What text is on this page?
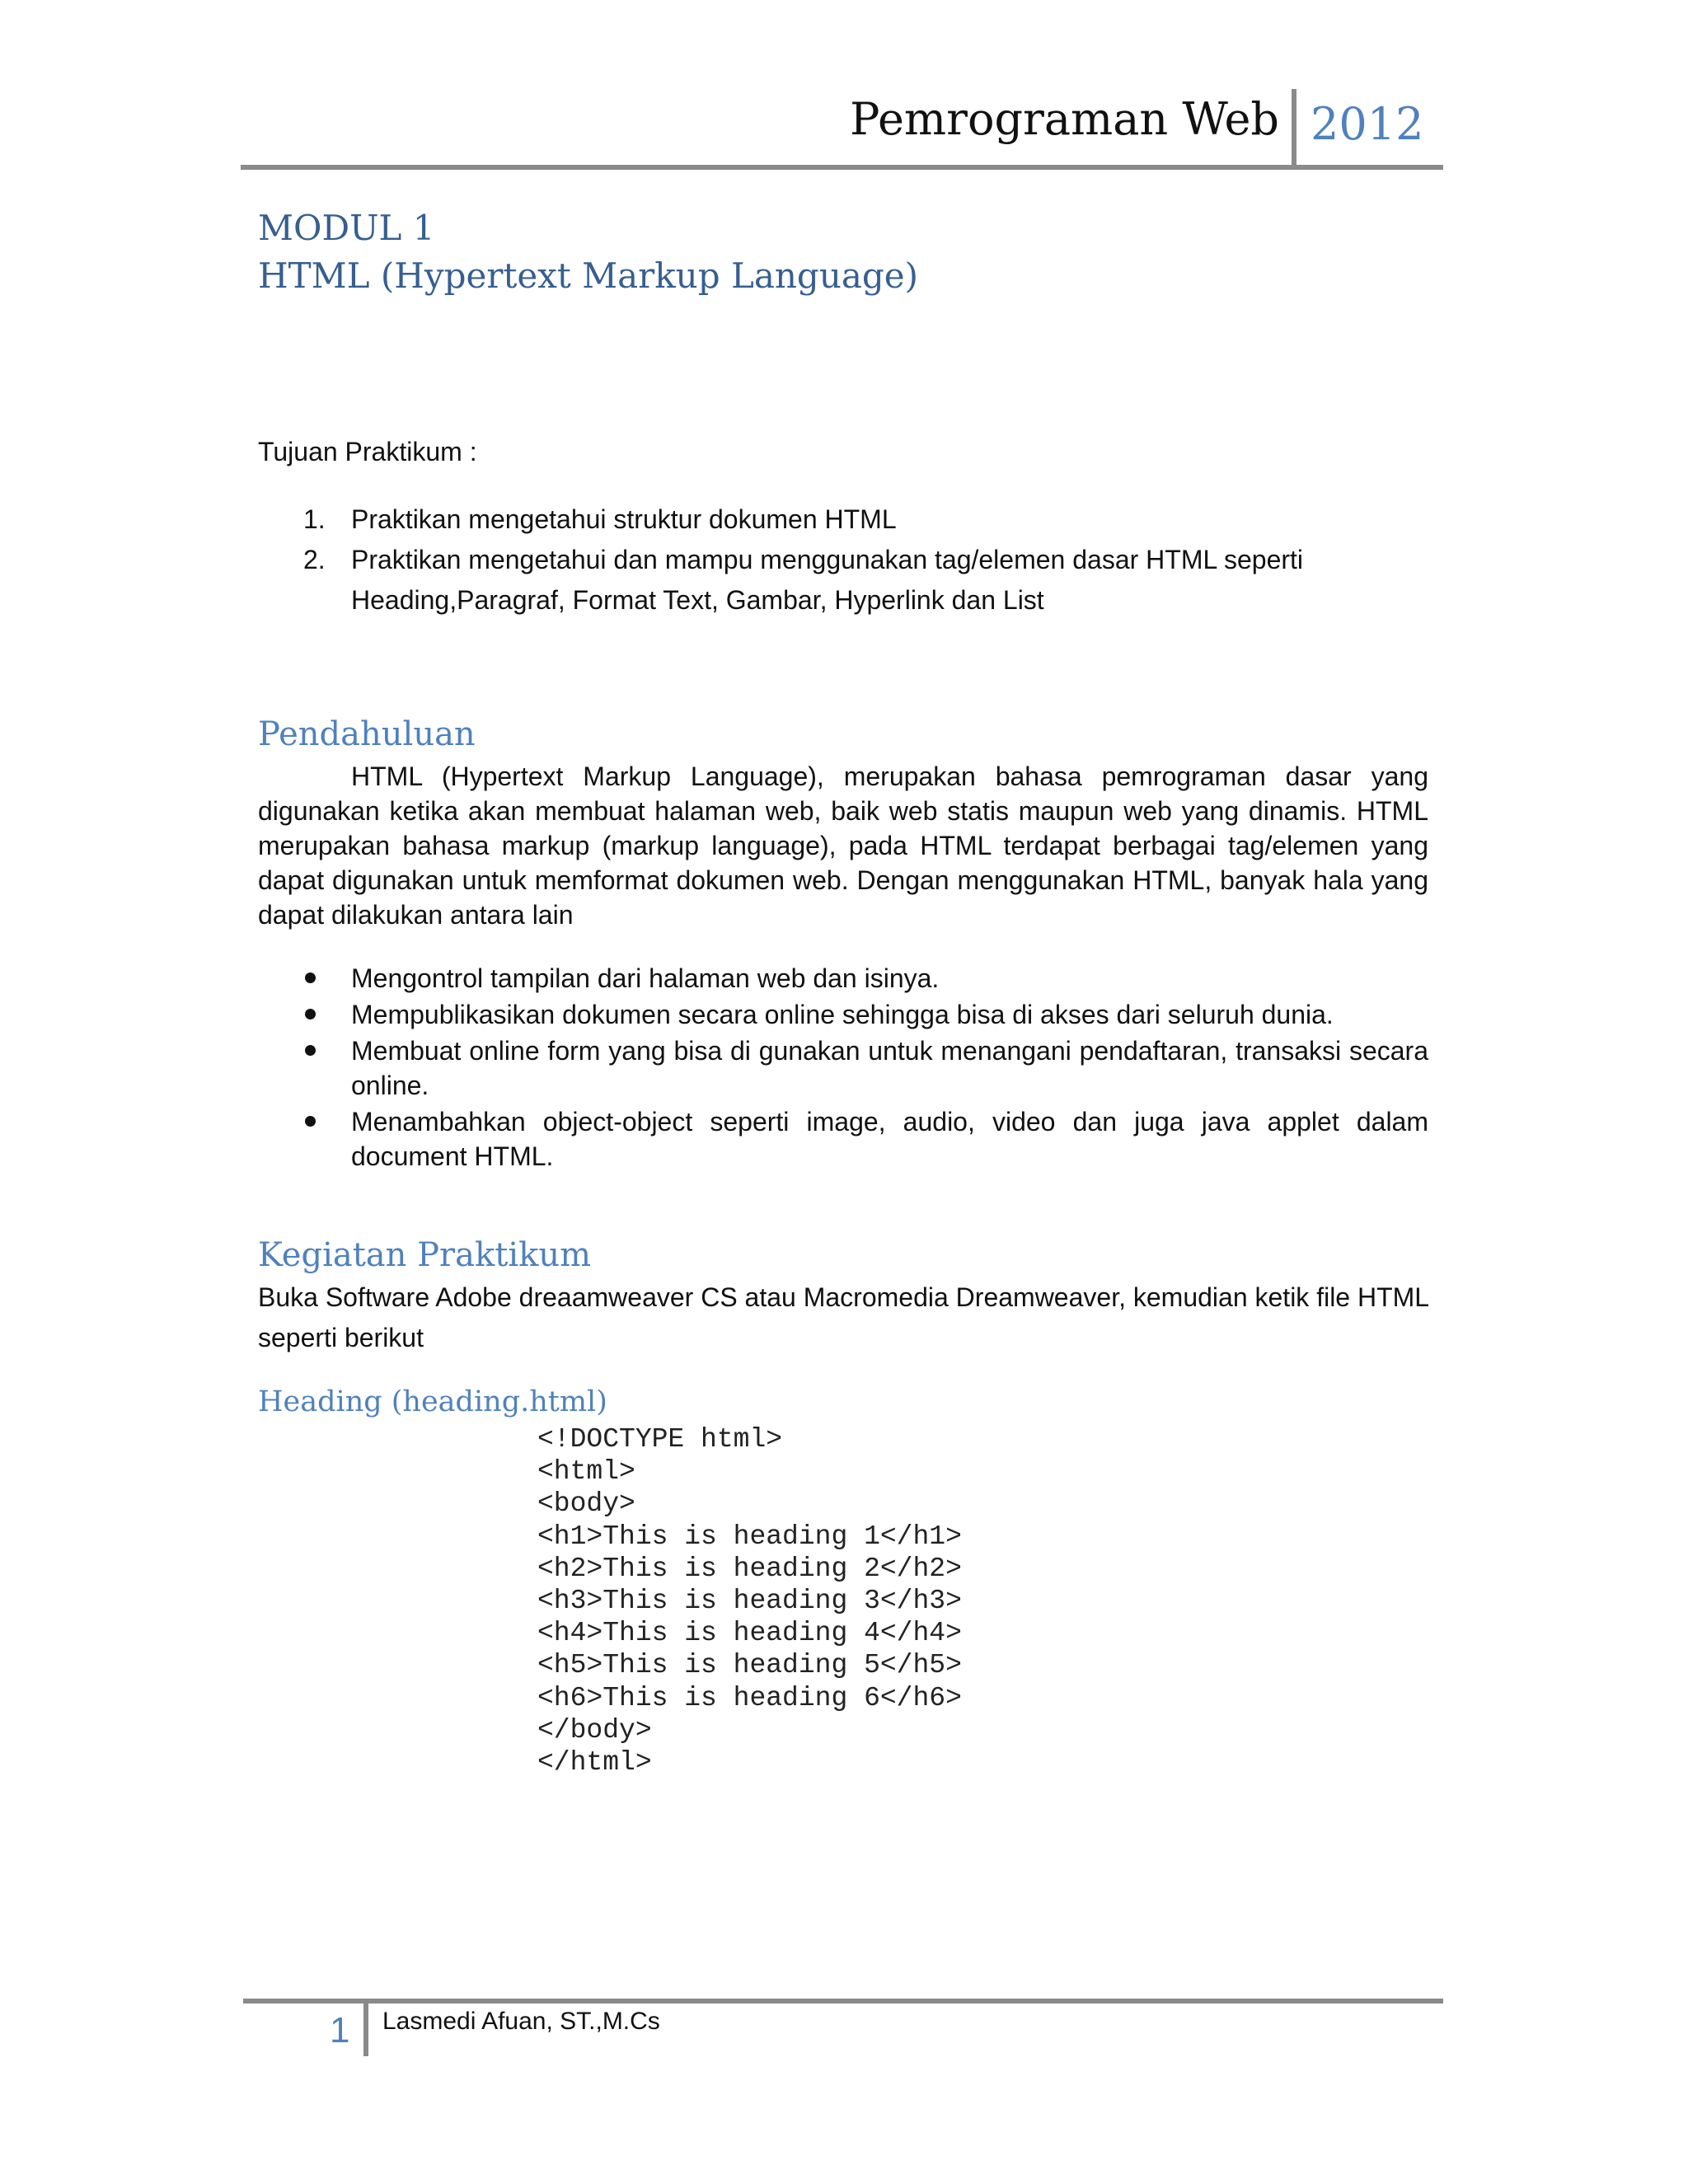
Pemrograman Web 2012
MODUL 1
HTML (Hypertext Markup Language)
Tujuan Praktikum :
1. Praktikan mengetahui struktur dokumen HTML
2. Praktikan mengetahui dan mampu menggunakan tag/elemen dasar HTML seperti
Heading,Paragraf, Format Text, Gambar, Hyperlink dan List
Pendahuluan
HTML (Hypertext Markup Language), merupakan bahasa pemrograman dasar yang digunakan ketika akan membuat halaman web, baik web statis maupun web yang dinamis. HTML merupakan bahasa markup (markup language), pada HTML terdapat berbagai tag/elemen yang dapat digunakan untuk memformat dokumen web. Dengan menggunakan HTML, banyak hala yang dapat dilakukan antara lain
Mengontrol tampilan dari halaman web dan isinya.
Mempublikasikan dokumen secara online sehingga bisa di akses dari seluruh dunia.
Membuat online form yang bisa di gunakan untuk menangani pendaftaran, transaksi secara online.
Menambahkan object-object seperti image, audio, video dan juga java applet dalam document HTML.
Kegiatan Praktikum
Buka Software Adobe dreaamweaver CS atau Macromedia Dreamweaver, kemudian ketik file HTML seperti berikut
Heading (heading.html)
<!DOCTYPE html>
<html>
<body>
<h1>This is heading 1</h1>
<h2>This is heading 2</h2>
<h3>This is heading 3</h3>
<h4>This is heading 4</h4>
<h5>This is heading 5</h5>
<h6>This is heading 6</h6>
</body>
</html>
1 Lasmedi Afuan, ST.,M.Cs
